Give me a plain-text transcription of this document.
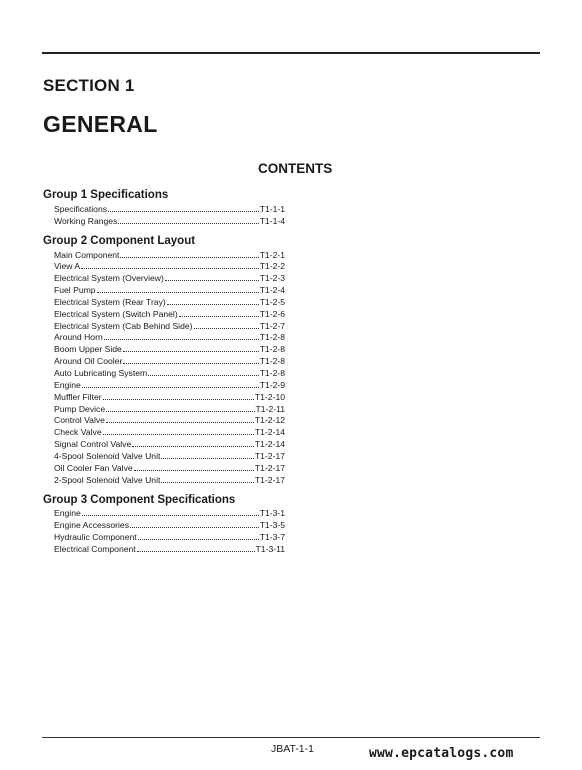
SECTION 1
GENERAL
CONTENTS
Group 1 Specifications
Specifications	T1-1-1
Working Ranges	T1-1-4
Group 2 Component Layout
Main Component	T1-2-1
View A	T1-2-2
Electrical System (Overview)	T1-2-3
Fuel Pump	T1-2-4
Electrical System (Rear Tray)	T1-2-5
Electrical System (Switch Panel)	T1-2-6
Electrical System (Cab Behind Side)	T1-2-7
Around Horn	T1-2-8
Boom Upper Side	T1-2-8
Around Oil Cooler	T1-2-8
Auto Lubricating System	T1-2-8
Engine	T1-2-9
Muffler Filter	T1-2-10
Pump Device	T1-2-11
Control Valve	T1-2-12
Check Valve	T1-2-14
Signal Control Valve	T1-2-14
4-Spool Solenoid Valve Unit	T1-2-17
Oil Cooler Fan Valve	T1-2-17
2-Spool Solenoid Valve Unit	T1-2-17
Group 3 Component Specifications
Engine	T1-3-1
Engine Accessories	T1-3-5
Hydraulic Component	T1-3-7
Electrical Component	T1-3-11
JBAT-1-1	www.epcatalogs.com
